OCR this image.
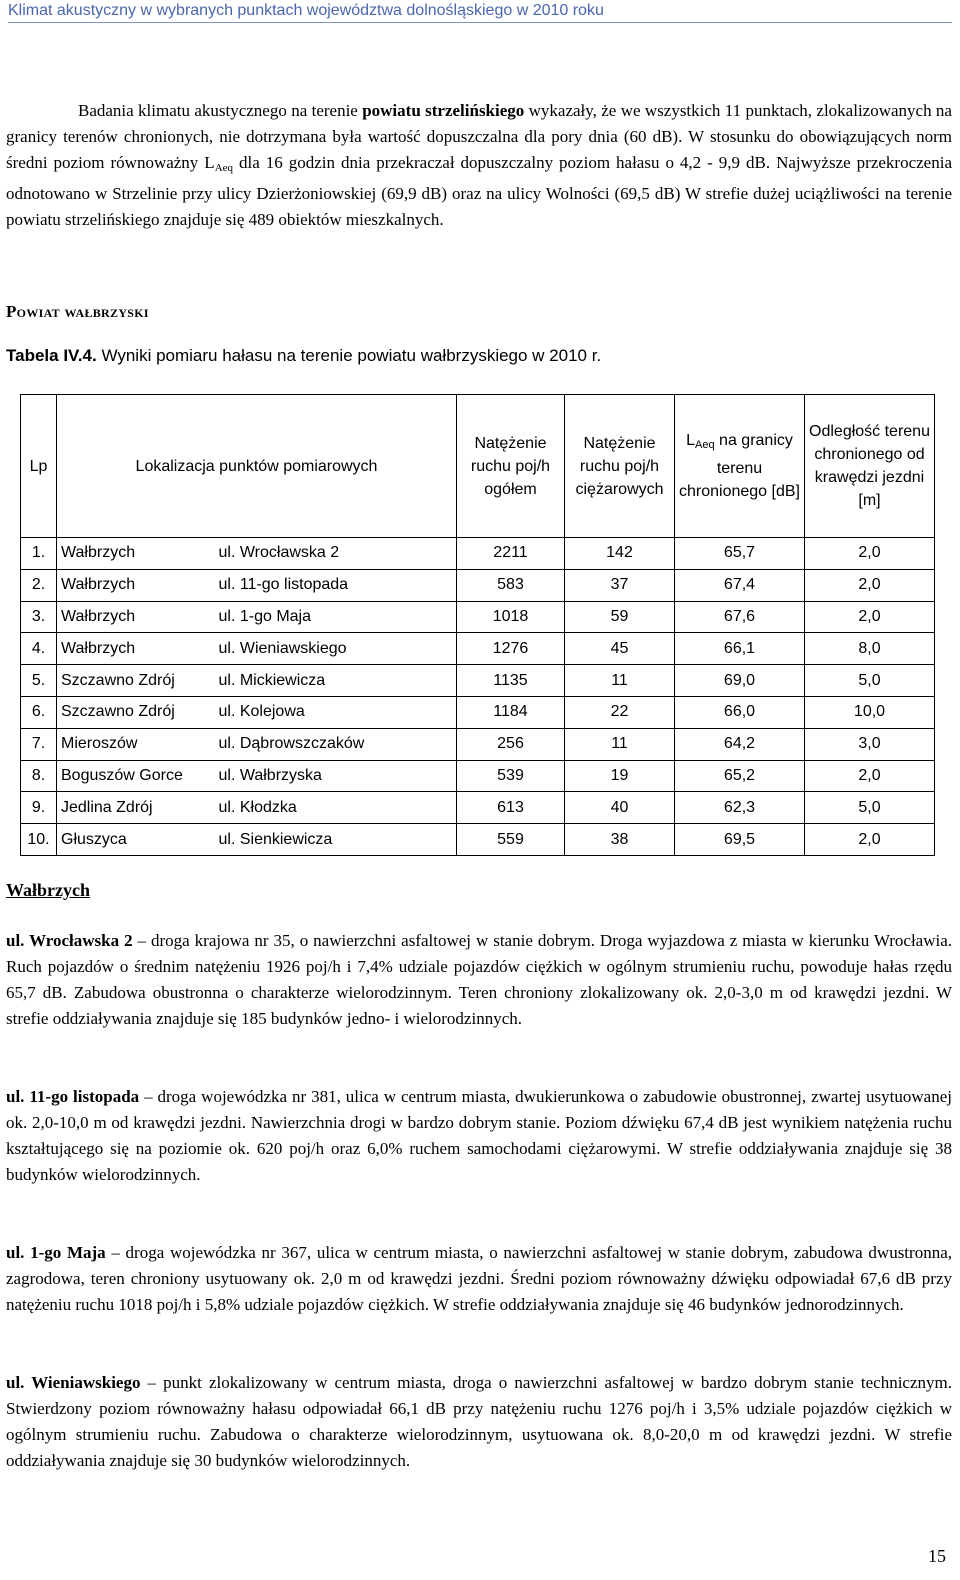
Klimat akustyczny w wybranych punktach województwa dolnośląskiego w 2010 roku

Badania klimatu akustycznego na terenie powiatu strzelińskiego wykazały, że we wszystkich 11 punktach, zlokalizowanych na granicy terenów chronionych, nie dotrzymana była wartość dopuszczalna dla pory dnia (60 dB). W stosunku do obowiązujących norm średni poziom równoważny $L_{Aeq}$ dla 16 godzin dnia przekraczał dopuszczalny poziom hałasu o 4,2 - 9,9 dB. Najwyższe przekroczenia odnotowano w Strzelinie przy ulicy Dzierżoniowskiej (69,9 dB) oraz na ulicy Wolności (69,5 dB) W strefie dużej uciążliwości na terenie powiatu strzelińskiego znajduje się 489 obiektów mieszkalnych.

Powiat wałbrzyski
Tabela IV.4. Wyniki pomiaru hałasu na terenie powiatu wałbrzyskiego w 2010 r.
Lp	Lokalizacja punktów pomiarowych		Natężenie ruchu poj/h ogółem	Natężenie ruchu poj/h ciężarowych	$L_{Aeq}$ na granicy terenu chronionego [dB]	Odległość terenu chronionego od krawędzi jezdni [m]
1.	Wałbrzych	ul. Wrocławska 2	2211	142	65,7	2,0
2.	Wałbrzych	ul. 11-go listopada	583	37	67,4	2,0
3.	Wałbrzych	ul. 1-go Maja	1018	59	67,6	2,0
4.	Wałbrzych	ul. Wieniawskiego	1276	45	66,1	8,0
5.	Szczawno Zdrój	ul. Mickiewicza	1135	11	69,0	5,0
6.	Szczawno Zdrój	ul. Kolejowa	1184	22	66,0	10,0
7.	Mieroszów	ul. Dąbrowszczaków	256	11	64,2	3,0
8.	Boguszów Gorce	ul. Wałbrzyska	539	19	65,2	2,0
9.	Jedlina Zdrój	ul. Kłodzka	613	40	62,3	5,0
10.	Głuszyca	ul. Sienkiewicza	559	38	69,5	2,0
Wałbrzych
ul. Wrocławska 2 – droga krajowa nr 35, o nawierzchni asfaltowej w stanie dobrym. Droga wyjazdowa z miasta w kierunku Wrocławia. Ruch pojazdów o średnim natężeniu 1926 poj/h i 7,4% udziale pojazdów ciężkich w ogólnym strumieniu ruchu, powoduje hałas rzędu 65,7 dB. Zabudowa obustronna o charakterze wielorodzinnym. Teren chroniony zlokalizowany ok. 2,0-3,0 m od krawędzi jezdni. W strefie oddziaływania znajduje się 185 budynków jedno- i wielorodzinnych.
ul. 11-go listopada – droga wojewódzka nr 381, ulica w centrum miasta, dwukierunkowa o zabudowie obustronnej, zwartej usytuowanej ok. 2,0-10,0 m od krawędzi jezdni. Nawierzchnia drogi w bardzo dobrym stanie. Poziom dźwięku 67,4 dB jest wynikiem natężenia ruchu kształtującego się na poziomie ok. 620 poj/h oraz 6,0% ruchem samochodami ciężarowymi. W strefie oddziaływania znajduje się 38 budynków wielorodzinnych.
ul. 1-go Maja – droga wojewódzka nr 367, ulica w centrum miasta, o nawierzchni asfaltowej w stanie dobrym, zabudowa dwustronna, zagrodowa, teren chroniony usytuowany ok. 2,0 m od krawędzi jezdni. Średni poziom równoważny dźwięku odpowiadał 67,6 dB przy natężeniu ruchu 1018 poj/h i 5,8% udziale pojazdów ciężkich. W strefie oddziaływania znajduje się 46 budynków jednorodzinnych.
ul. Wieniawskiego – punkt zlokalizowany w centrum miasta, droga o nawierzchni asfaltowej w bardzo dobrym stanie technicznym. Stwierdzony poziom równoważny hałasu odpowiadał 66,1 dB przy natężeniu ruchu 1276 poj/h i 3,5% udziale pojazdów ciężkich w ogólnym strumieniu ruchu. Zabudowa o charakterze wielorodzinnym, usytuowana ok. 8,0-20,0 m od krawędzi jezdni. W strefie oddziaływania znajduje się 30 budynków wielorodzinnych.
15
